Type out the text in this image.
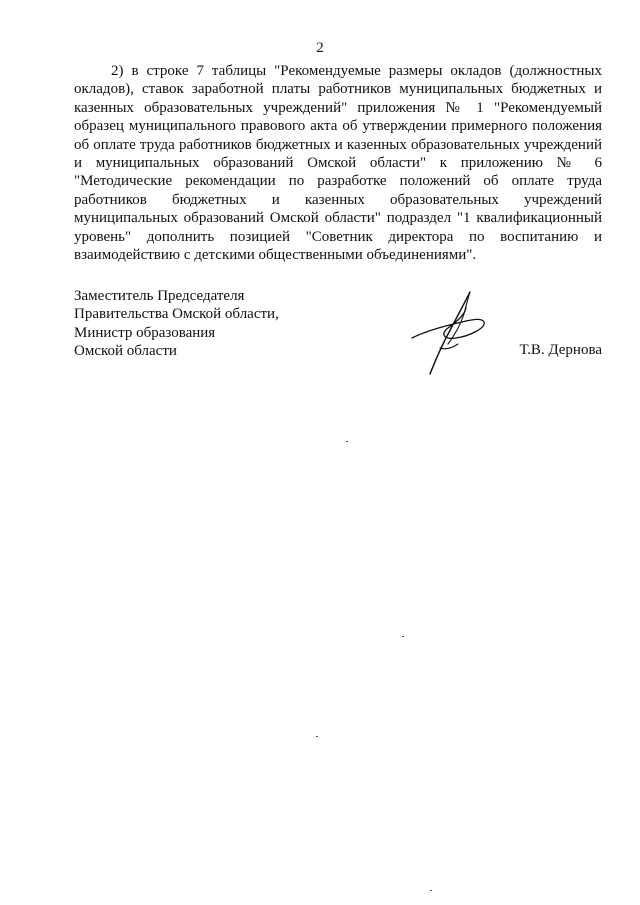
2

2) в строке 7 таблицы "Рекомендуемые размеры окладов (должностных окладов), ставок заработной платы работников муниципальных бюджетных и казенных образовательных учреждений" приложения № 1 "Рекомендуемый образец муниципального правового акта об утверждении примерного положения об оплате труда работников бюджетных и казенных образовательных учреждений и муниципальных образований Омской области" к приложению № 6 "Методические рекомендации по разработке положений об оплате труда работников бюджетных и казенных образовательных учреждений муниципальных образований Омской области" подраздел "1 квалификационный уровень" дополнить позицией "Советник директора по воспитанию и взаимодействию с детскими общественными объединениями".

Заместитель Председателя
Правительства Омской области,
Министр образования
Омской области	Т.В. Дернова
